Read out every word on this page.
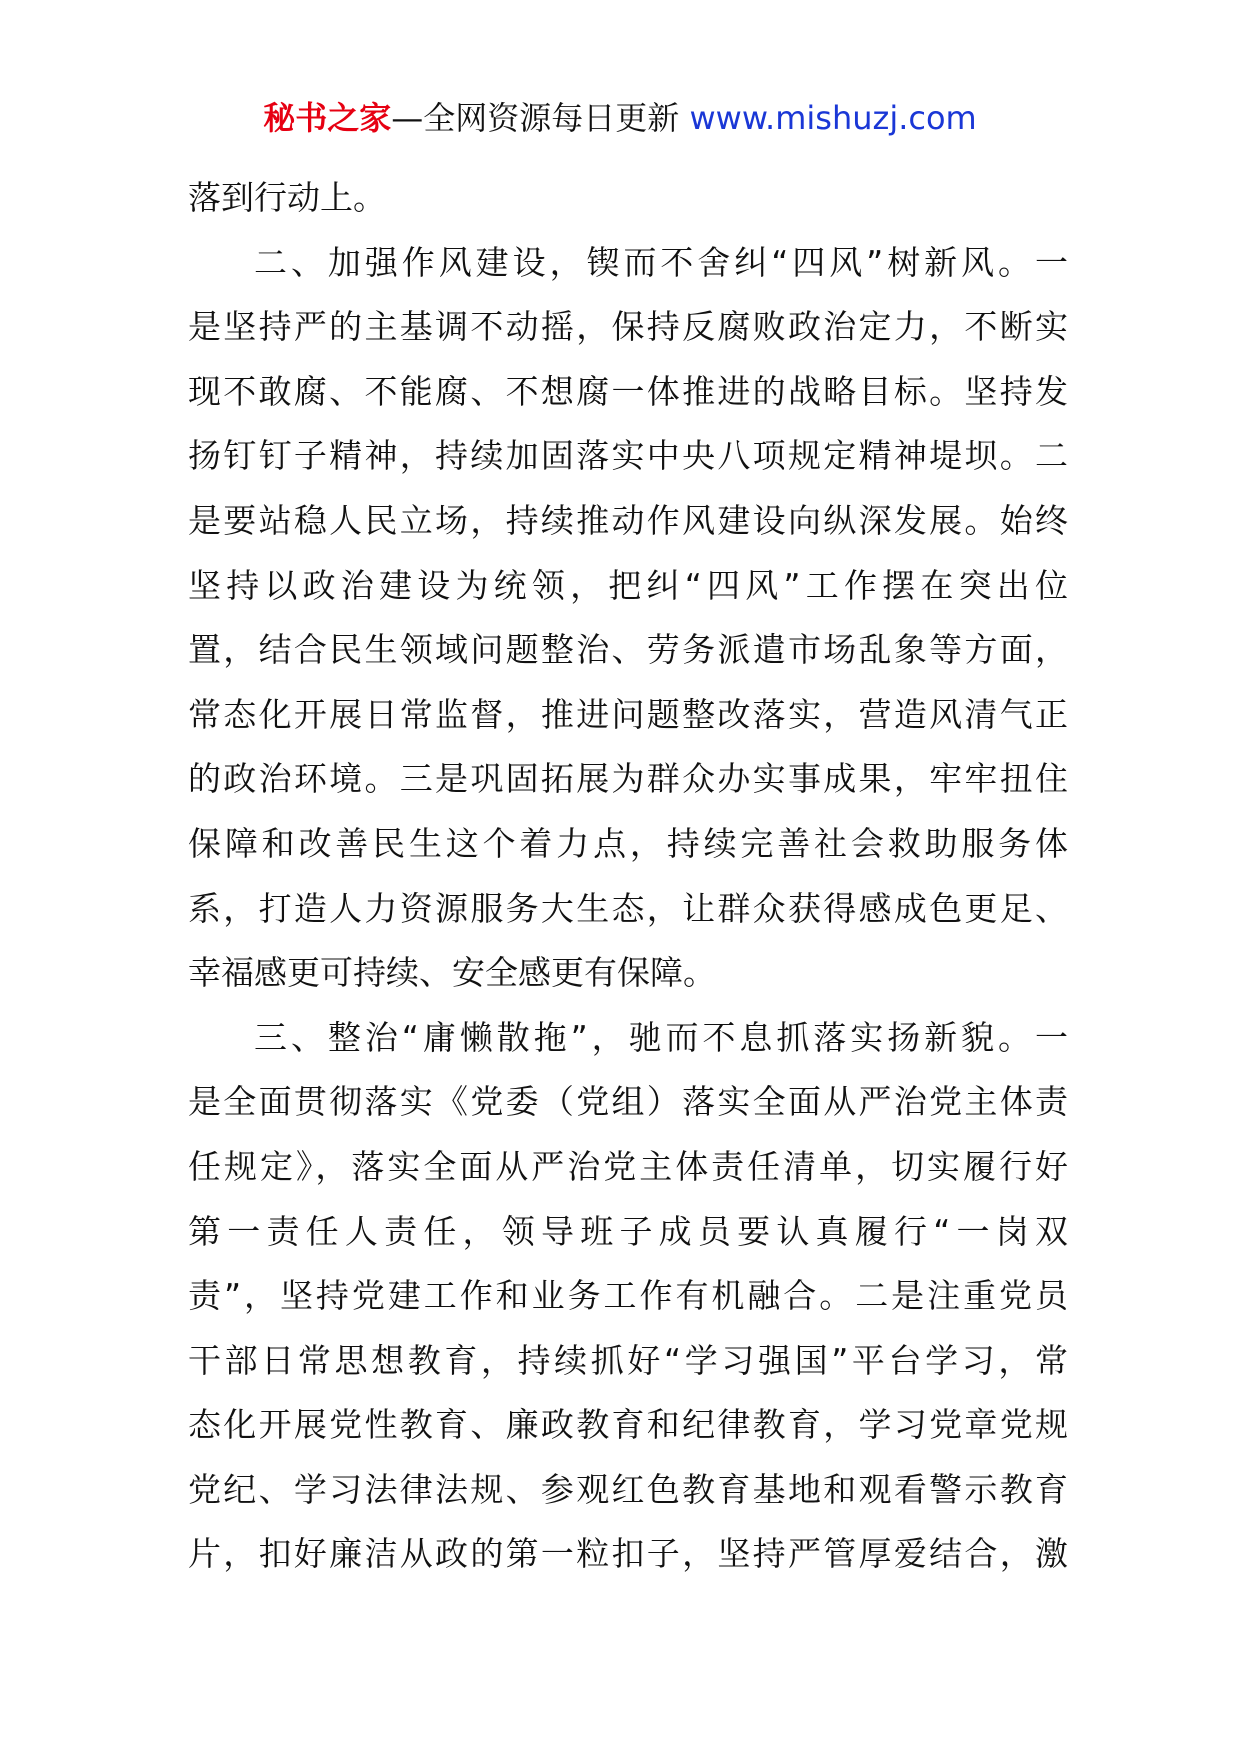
秘书之家—全网资源每日更新 www.mishuzj.com
落到行动上。
二、加强作风建设，锲而不舍纠“四风”树新风。一
是坚持严的主基调不动摇，保持反腐败政治定力，不断实
现不敢腐、不能腐、不想腐一体推进的战略目标。坚持发
扬钉钉子精神，持续加固落实中央八项规定精神堤坝。二
是要站稳人民立场，持续推动作风建设向纵深发展。始终
坚持以政治建设为统领，把纠“四风”工作摆在突出位
置，结合民生领域问题整治、劳务派遣市场乱象等方面，
常态化开展日常监督，推进问题整改落实，营造风清气正
的政治环境。三是巩固拓展为群众办实事成果，牢牢扭住
保障和改善民生这个着力点，持续完善社会救助服务体
系，打造人力资源服务大生态，让群众获得感成色更足、
幸福感更可持续、安全感更有保障。
三、整治“庸懒散拖”，驰而不息抓落实扬新貌。一
是全面贯彻落实《党委（党组）落实全面从严治党主体责
任规定》，落实全面从严治党主体责任清单，切实履行好
第一责任人责任，领导班子成员要认真履行“一岗双
责”，坚持党建工作和业务工作有机融合。二是注重党员
干部日常思想教育，持续抓好“学习强国”平台学习，常
态化开展党性教育、廉政教育和纪律教育，学习党章党规
党纪、学习法律法规、参观红色教育基地和观看警示教育
片，扣好廉洁从政的第一粒扣子，坚持严管厚爱结合，激
